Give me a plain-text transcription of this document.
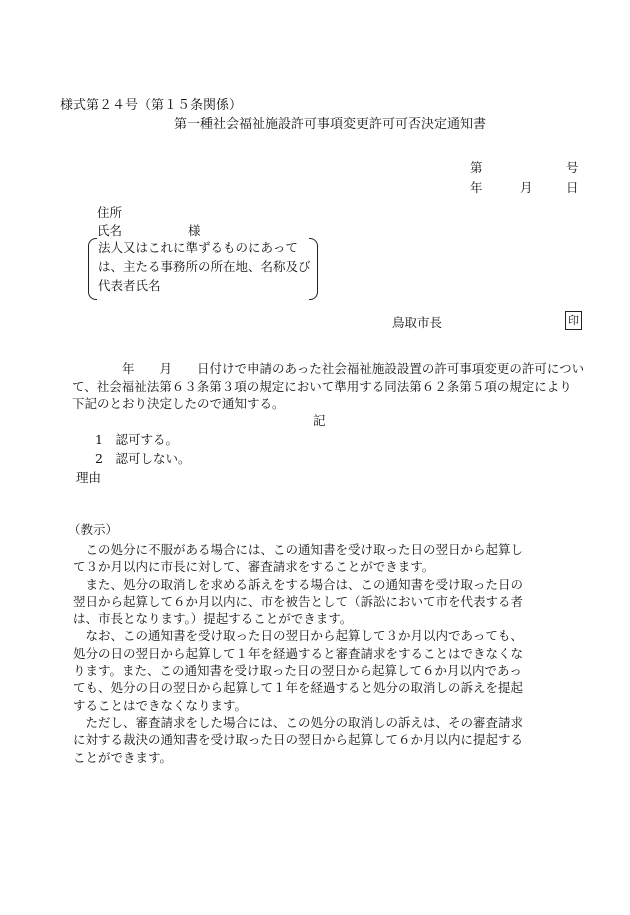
様式第２４号（第１５条関係）
第一種社会福祉施設許可事項変更許可可否決定通知書
第	号
年	月	日
住所
氏名	様
法人又はこれに準ずるものにあって
は、主たる事務所の所在地、名称及び
代表者氏名
鳥取市長	印
　　　　年　　月　　日付けで申請のあった社会福祉施設設置の許可事項変更の許可につい
て、社会福祉法第６３条第３項の規定において準用する同法第６２条第５項の規定により
下記のとおり決定したので通知する。
記
1　認可する。
2　認可しない。
理由
（教示）
　この処分に不服がある場合には、この通知書を受け取った日の翌日から起算し
て３か月以内に市長に対して、審査請求をすることができます。
　また、処分の取消しを求める訴えをする場合は、この通知書を受け取った日の
翌日から起算して６か月以内に、市を被告として（訴訟において市を代表する者
は、市長となります。）提起することができます。
　なお、この通知書を受け取った日の翌日から起算して３か月以内であっても、
処分の日の翌日から起算して１年を経過すると審査請求をすることはできなくな
ります。また、この通知書を受け取った日の翌日から起算して６か月以内であっ
ても、処分の日の翌日から起算して１年を経過すると処分の取消しの訴えを提起
することはできなくなります。
　ただし、審査請求をした場合には、この処分の取消しの訴えは、その審査請求
に対する裁決の通知書を受け取った日の翌日から起算して６か月以内に提起する
ことができます。
